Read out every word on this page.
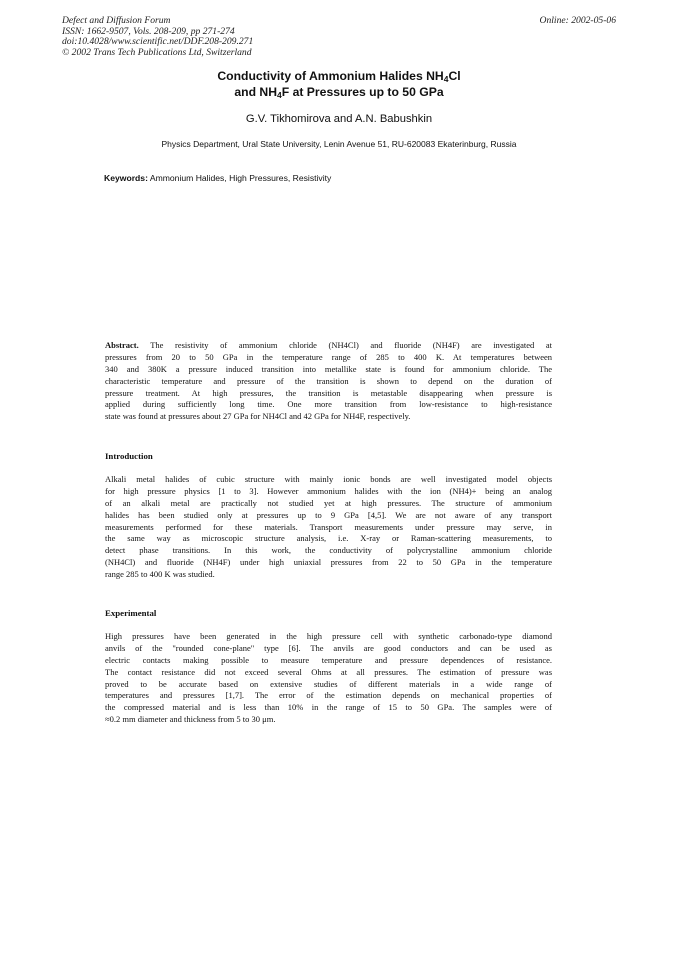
Defect and Diffusion Forum
ISSN: 1662-9507, Vols. 208-209, pp 271-274
doi:10.4028/www.scientific.net/DDF.208-209.271
© 2002 Trans Tech Publications Ltd, Switzerland
Online: 2002-05-06
Conductivity of Ammonium Halides $NH_4Cl$
and $NH_4F$ at Pressures up to 50 GPa
G.V. Tikhomirova and A.N. Babushkin
Physics Department, Ural State University, Lenin Avenue 51, RU-620083 Ekaterinburg, Russia
Keywords: Ammonium Halides, High Pressures, Resistivity
Abstract. The resistivity of ammonium chloride (NH4Cl) and fluoride (NH4F) are investigated at
pressures from 20 to 50 GPa in the temperature range of 285 to 400 K. At temperatures between
340 and 380K a pressure induced transition into metallike state is found for ammonium chloride. The
characteristic temperature and pressure of the transition is shown to depend on the duration of
pressure treatment. At high pressures, the transition is metastable disappearing when pressure is
applied during sufficiently long time. One more transition from low-resistance to high-resistance
state was found at pressures about 27 GPa for NH4Cl and 42 GPa for NH4F, respectively.
Introduction
Alkali metal halides of cubic structure with mainly ionic bonds are well investigated model objects
for high pressure physics [1 to 3]. However ammonium halides with the ion (NH4)+ being an analog
of an alkali metal are practically not studied yet at high pressures. The structure of ammonium
halides has been studied only at pressures up to 9 GPa [4,5]. We are not aware of any transport
measurements performed for these materials. Transport measurements under pressure may serve, in
the same way as microscopic structure analysis, i.e. X-ray or Raman-scattering measurements, to
detect phase transitions. In this work, the conductivity of polycrystalline ammonium chloride
(NH4Cl) and fluoride (NH4F) under high uniaxial pressures from 22 to 50 GPa in the temperature
range 285 to 400 K was studied.
Experimental
High pressures have been generated in the high pressure cell with synthetic carbonado-type diamond
anvils of the "rounded cone-plane" type [6]. The anvils are good conductors and can be used as
electric contacts making possible to measure temperature and pressure dependences of resistance.
The contact resistance did not exceed several Ohms at all pressures. The estimation of pressure was
proved to be accurate based on extensive studies of different materials in a wide range of
temperatures and pressures [1,7]. The error of the estimation depends on mechanical properties of
the compressed material and is less than 10% in the range of 15 to 50 GPa. The samples were of
≈0.2 mm diameter and thickness from 5 to 30 μm.
